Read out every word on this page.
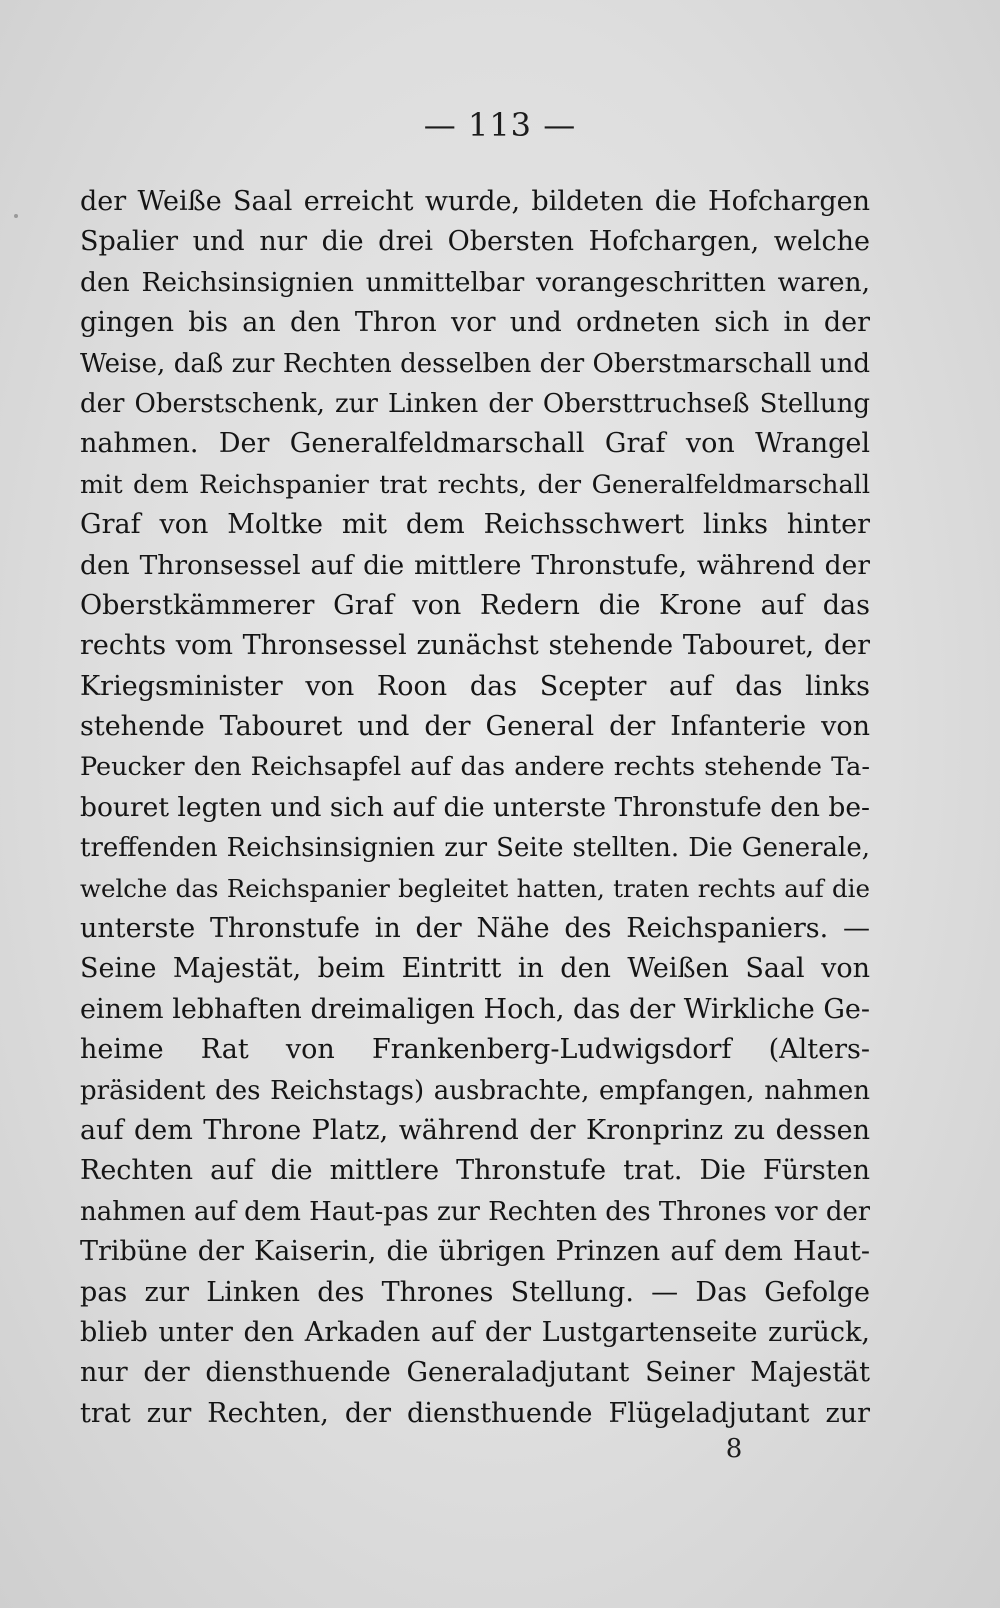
— 113 —
der Weiße Saal erreicht wurde, bildeten die Hofchargen
Spalier und nur die drei Obersten Hofchargen, welche
den Reichsinsignien unmittelbar vorangeschritten waren,
gingen bis an den Thron vor und ordneten sich in der
Weise, daß zur Rechten desselben der Oberstmarschall und
der Oberstschenk, zur Linken der Obersttruchseß Stellung
nahmen. Der Generalfeldmarschall Graf von Wrangel
mit dem Reichspanier trat rechts, der Generalfeldmarschall
Graf von Moltke mit dem Reichsschwert links hinter
den Thronsessel auf die mittlere Thronstufe, während der
Oberstkämmerer Graf von Redern die Krone auf das
rechts vom Thronsessel zunächst stehende Tabouret, der
Kriegsminister von Roon das Scepter auf das links
stehende Tabouret und der General der Infanterie von
Peucker den Reichsapfel auf das andere rechts stehende Ta-
bouret legten und sich auf die unterste Thronstufe den be-
treffenden Reichsinsignien zur Seite stellten. Die Generale,
welche das Reichspanier begleitet hatten, traten rechts auf die
unterste Thronstufe in der Nähe des Reichspaniers. —
Seine Majestät, beim Eintritt in den Weißen Saal von
einem lebhaften dreimaligen Hoch, das der Wirkliche Ge-
heime Rat von Frankenberg-Ludwigsdorf (Alters-
präsident des Reichstags) ausbrachte, empfangen, nahmen
auf dem Throne Platz, während der Kronprinz zu dessen
Rechten auf die mittlere Thronstufe trat. Die Fürsten
nahmen auf dem Haut-pas zur Rechten des Thrones vor der
Tribüne der Kaiserin, die übrigen Prinzen auf dem Haut-
pas zur Linken des Thrones Stellung. — Das Gefolge
blieb unter den Arkaden auf der Lustgartenseite zurück,
nur der diensthuende Generaladjutant Seiner Majestät
trat zur Rechten, der diensthuende Flügeladjutant zur
8
